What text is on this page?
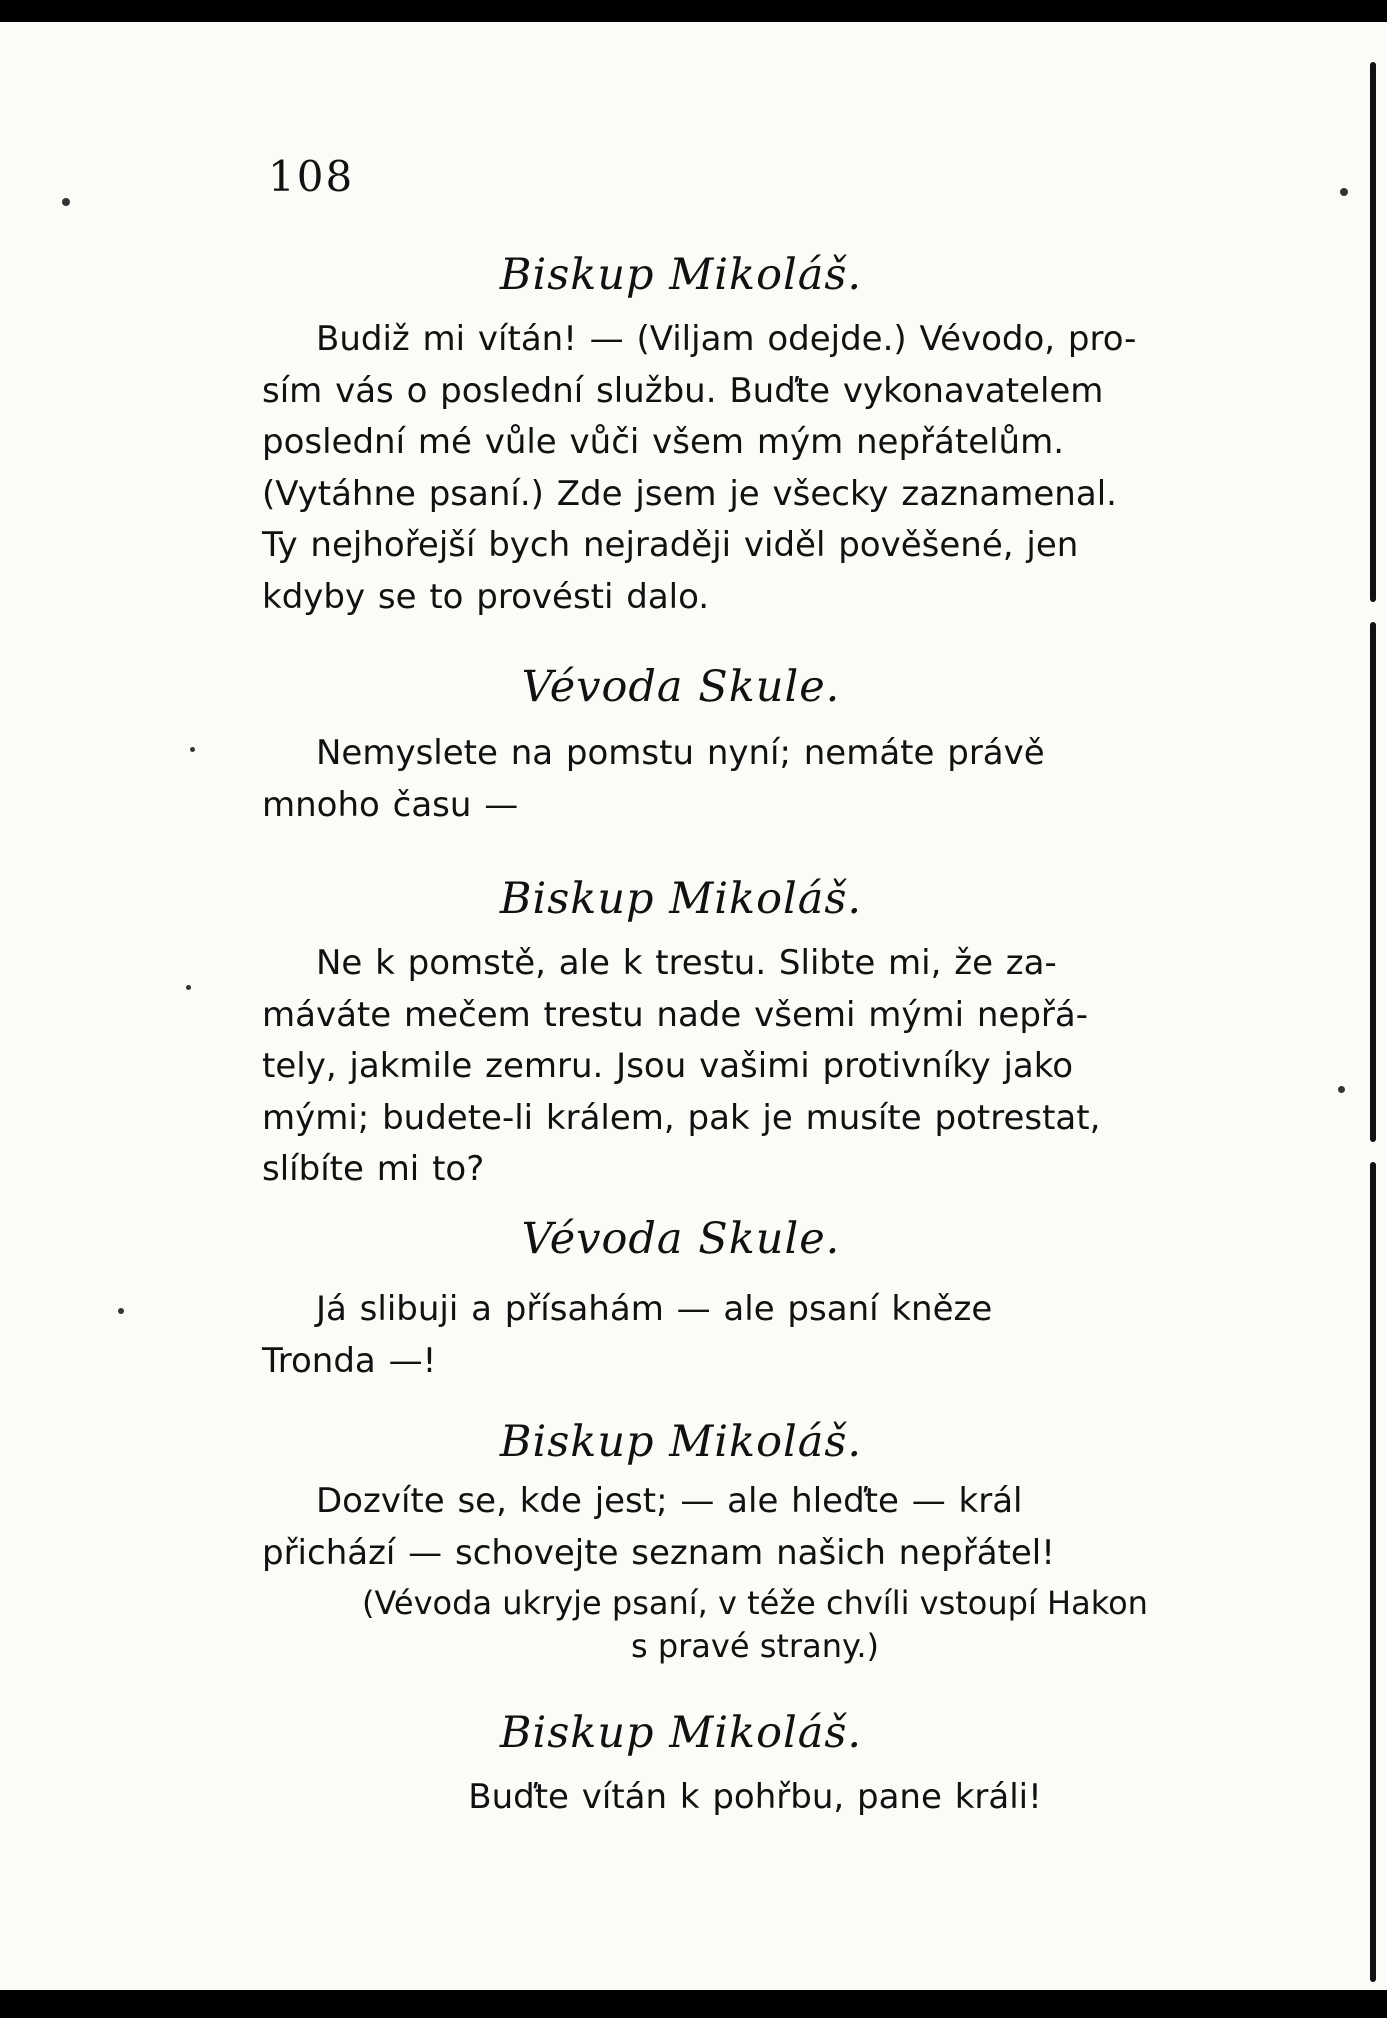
108
Biskup Mikoláš.
Budiž mi vítán! — (Viljam odejde.) Vévodo, pro-
sím vás o poslední službu. Buďte vykonavatelem
poslední mé vůle vůči všem mým nepřátelům.
(Vytáhne psaní.) Zde jsem je všecky zaznamenal.
Ty nejhořejší bych nejraději viděl pověšené, jen
kdyby se to provésti dalo.
Vévoda Skule.
Nemyslete na pomstu nyní; nemáte právě
mnoho času —
Biskup Mikoláš.
Ne k pomstě, ale k trestu. Slibte mi, že za-
máváte mečem trestu nade všemi mými nepřá-
tely, jakmile zemru. Jsou vašimi protivníky jako
mými; budete-li králem, pak je musíte potrestat,
slíbíte mi to?
Vévoda Skule.
Já slibuji a přísahám — ale psaní kněze
Tronda —!
Biskup Mikoláš.
Dozvíte se, kde jest; — ale hleďte — král
přichází — schovejte seznam našich nepřátel!
(Vévoda ukryje psaní, v téže chvíli vstoupí Hakon
s pravé strany.)
Biskup Mikoláš.
Buďte vítán k pohřbu, pane králi!
